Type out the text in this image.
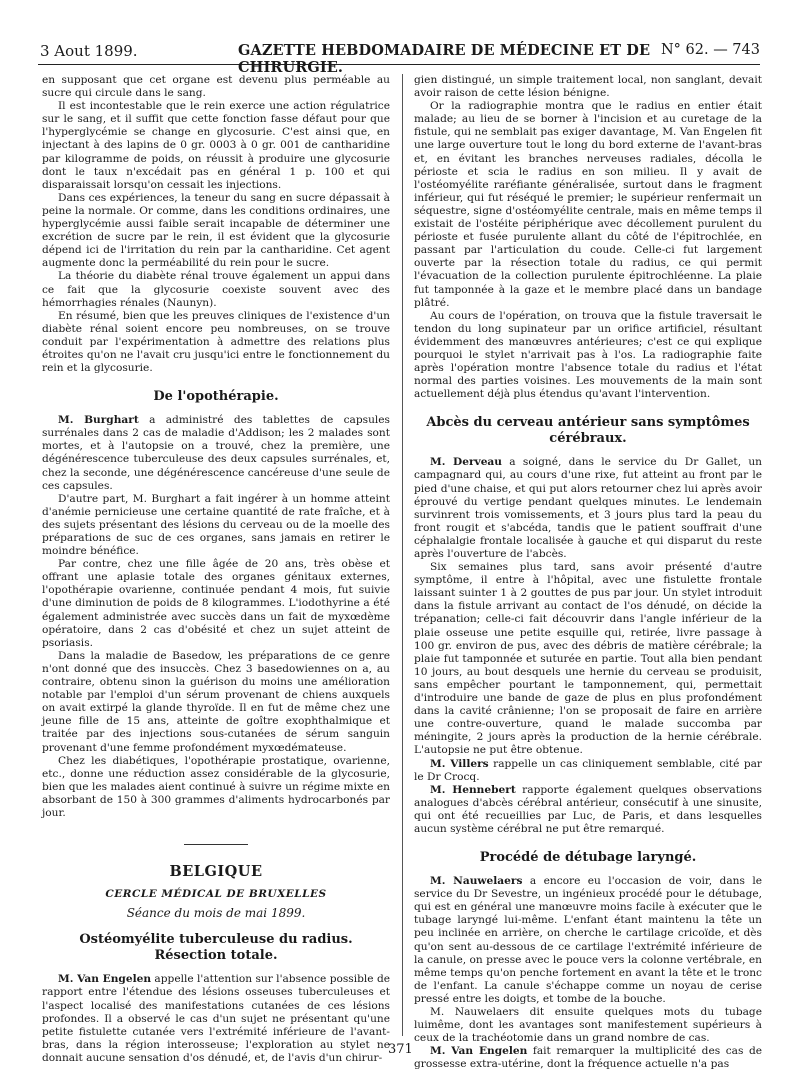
3 Aout 1899.	GAZETTE HEBDOMADAIRE DE MÉDECINE ET DE CHIRURGIE.
N° 62. — 743

en supposant que cet organe est devenu plus perméable au sucre qui circule dans le sang.

Il est incontestable que le rein exerce une action régulatrice sur le sang, et il suffit que cette fonction fasse défaut pour que l'hyperglycémie se change en glycosurie. C'est ainsi que, en injectant à des lapins de 0 gr. 0003 à 0 gr. 001 de cantharidine par kilogramme de poids, on réussit à produire une glycosurie dont le taux n'excédait pas en général 1 p. 100 et qui disparaissait lorsqu'on cessait les injections.

Dans ces expériences, la teneur du sang en sucre dépassait à peine la normale. Or comme, dans les conditions ordinaires, une hyperglycémie aussi faible serait incapable de déterminer une excrétion de sucre par le rein, il est évident que la glycosurie dépend ici de l'irritation du rein par la cantharidine. Cet agent augmente donc la perméabilité du rein pour le sucre.

La théorie du diabète rénal trouve également un appui dans ce fait que la glycosurie coexiste souvent avec des hémorrhagies rénales (Naunyn).

En résumé, bien que les preuves cliniques de l'existence d'un diabète rénal soient encore peu nombreuses, on se trouve conduit par l'expérimentation à admettre des relations plus étroites qu'on ne l'avait cru jusqu'ici entre le fonctionnement du rein et la glycosurie.

De l'opothérapie.

M. Burghart a administré des tablettes de capsules surrénales dans 2 cas de maladie d'Addison; les 2 malades sont mortes, et à l'autopsie on a trouvé, chez la première, une dégénérescence tuberculeuse des deux capsules surrénales, et, chez la seconde, une dégénérescence cancéreuse d'une seule de ces capsules.

D'autre part, M. Burghart a fait ingérer à un homme atteint d'anémie pernicieuse une certaine quantité de rate fraîche, et à des sujets présentant des lésions du cerveau ou de la moelle des préparations de suc de ces organes, sans jamais en retirer le moindre bénéfice.

Par contre, chez une fille âgée de 20 ans, très obèse et offrant une aplasie totale des organes génitaux externes, l'opothérapie ovarienne, continuée pendant 4 mois, fut suivie d'une diminution de poids de 8 kilogrammes. L'iodothyrine a été également administrée avec succès dans un fait de myxœdème opératoire, dans 2 cas d'obésité et chez un sujet atteint de psoriasis.

Dans la maladie de Basedow, les préparations de ce genre n'ont donné que des insuccès. Chez 3 basedowiennes on a, au contraire, obtenu sinon la guérison du moins une amélioration notable par l'emploi d'un sérum provenant de chiens auxquels on avait extirpé la glande thyroïde. Il en fut de même chez une jeune fille de 15 ans, atteinte de goître exophthalmique et traitée par des injections sous-cutanées de sérum sanguin provenant d'une femme profondément myxœdémateuse.

Chez les diabétiques, l'opothérapie prostatique, ovarienne, etc., donne une réduction assez considérable de la glycosurie, bien que les malades aient continué à suivre un régime mixte en absorbant de 150 à 300 grammes d'aliments hydrocarbonés par jour.

BELGIQUE
CERCLE MÉDICAL DE BRUXELLES
Séance du mois de mai 1899.
Ostéomyélite tuberculeuse du radius. Résection totale.

M. Van Engelen appelle l'attention sur l'absence possible de rapport entre l'étendue des lésions osseuses tuberculeuses et l'aspect localisé des manifestations cutanées de ces lésions profondes. Il a observé le cas d'un sujet ne présentant qu'une petite fistulette cutanée vers l'extrémité inférieure de l'avant-bras, dans la région interosseuse; l'exploration au stylet ne donnait aucune sensation d'os dénudé, et, de l'avis d'un chirur-

gien distingué, un simple traitement local, non sanglant, devait avoir raison de cette lésion bénigne.

Or la radiographie montra que le radius en entier était malade; au lieu de se borner à l'incision et au curetage de la fistule, qui ne semblait pas exiger davantage, M. Van Engelen fit une large ouverture tout le long du bord externe de l'avant-bras et, en évitant les branches nerveuses radiales, décolla le périoste et scia le radius en son milieu. Il y avait de l'ostéomyélite raréfiante généralisée, surtout dans le fragment inférieur, qui fut réséqué le premier; le supérieur renfermait un séquestre, signe d'ostéomyélite centrale, mais en même temps il existait de l'ostéite périphérique avec décollement purulent du périoste et fusée purulente allant du côté de l'épitrochlée, en passant par l'articulation du coude. Celle-ci fut largement ouverte par la résection totale du radius, ce qui permit l'évacuation de la collection purulente épitrochléenne. La plaie fut tamponnée à la gaze et le membre placé dans un bandage plâtré.

Au cours de l'opération, on trouva que la fistule traversait le tendon du long supinateur par un orifice artificiel, résultant évidemment des manœuvres antérieures; c'est ce qui explique pourquoi le stylet n'arrivait pas à l'os. La radiographie faite après l'opération montre l'absence totale du radius et l'état normal des parties voisines. Les mouvements de la main sont actuellement déjà plus étendus qu'avant l'intervention.

Abcès du cerveau antérieur sans symptômes cérébraux.

M. Derveau a soigné, dans le service du Dr Gallet, un campagnard qui, au cours d'une rixe, fut atteint au front par le pied d'une chaise, et qui put alors retourner chez lui après avoir éprouvé du vertige pendant quelques minutes. Le lendemain survinrent trois vomissements, et 3 jours plus tard la peau du front rougit et s'abcéda, tandis que le patient souffrait d'une céphalalgie frontale localisée à gauche et qui disparut du reste après l'ouverture de l'abcès.

Six semaines plus tard, sans avoir présenté d'autre symptôme, il entre à l'hôpital, avec une fistulette frontale laissant suinter 1 à 2 gouttes de pus par jour. Un stylet introduit dans la fistule arrivant au contact de l'os dénudé, on décide la trépanation; celle-ci fait découvrir dans l'angle inférieur de la plaie osseuse une petite esquille qui, retirée, livre passage à 100 gr. environ de pus, avec des débris de matière cérébrale; la plaie fut tamponnée et suturée en partie. Tout alla bien pendant 10 jours, au bout desquels une hernie du cerveau se produisit, sans empêcher pourtant le tamponnement, qui, permettait d'introduire une bande de gaze de plus en plus profondément dans la cavité crânienne; l'on se proposait de faire en arrière une contre-ouverture, quand le malade succomba par méningite, 2 jours après la production de la hernie cérébrale. L'autopsie ne put être obtenue.

M. Villers rappelle un cas cliniquement semblable, cité par le Dr Crocq.

M. Hennebert rapporte également quelques observations analogues d'abcès cérébral antérieur, consécutif à une sinusite, qui ont été recueillies par Luc, de Paris, et dans lesquelles aucun système cérébral ne put être remarqué.

Procédé de détubage laryngé.

M. Nauwelaers a encore eu l'occasion de voir, dans le service du Dr Sevestre, un ingénieux procédé pour le détubage, qui est en général une manœuvre moins facile à exécuter que le tubage laryngé lui-même. L'enfant étant maintenu la tête un peu inclinée en arrière, on cherche le cartilage cricoïde, et dès qu'on sent au-dessous de ce cartilage l'extrémité inférieure de la canule, on presse avec le pouce vers la colonne vertébrale, en même temps qu'on penche fortement en avant la tête et le tronc de l'enfant. La canule s'échappe comme un noyau de cerise pressé entre les doigts, et tombe de la bouche.

M. Nauwelaers dit ensuite quelques mots du tubage luimême, dont les avantages sont manifestement supérieurs à ceux de la trachéotomie dans un grand nombre de cas.

M. Van Engelen fait remarquer la multiplicité des cas de grossesse extra-utérine, dont la fréquence actuelle n'a pas

371
